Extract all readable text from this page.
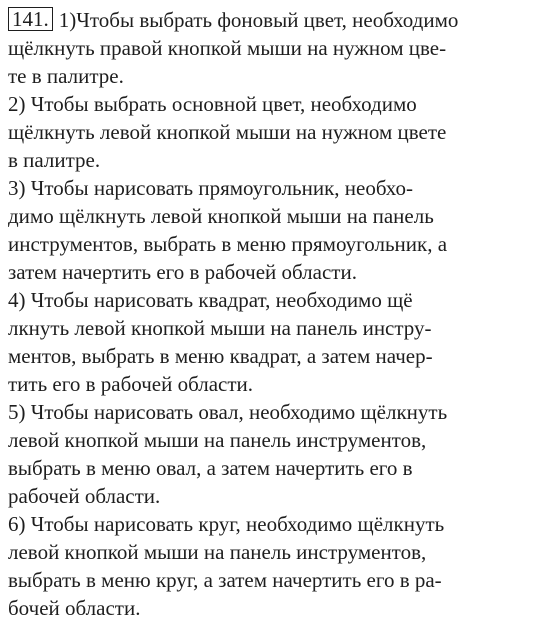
141. 1)Чтобы выбрать фоновый цвет, необходимо
щёлкнуть правой кнопкой мыши на нужном цве-
те в палитре.
2) Чтобы выбрать основной цвет, необходимо
щёлкнуть левой кнопкой мыши на нужном цвете
в палитре.
3) Чтобы нарисовать прямоугольник, необхо-
димо щёлкнуть левой кнопкой мыши на панель
инструментов, выбрать в меню прямоугольник, а
затем начертить его в рабочей области.
4) Чтобы нарисовать квадрат, необходимо щё
лкнуть левой кнопкой мыши на панель инстру-
ментов, выбрать в меню квадрат, а затем начер-
тить его в рабочей области.
5) Чтобы нарисовать овал, необходимо щёлкнуть
левой кнопкой мыши на панель инструментов,
выбрать в меню овал, а затем начертить его в
рабочей области.
6) Чтобы нарисовать круг, необходимо щёлкнуть
левой кнопкой мыши на панель инструментов,
выбрать в меню круг, а затем начертить его в ра-
бочей области.
